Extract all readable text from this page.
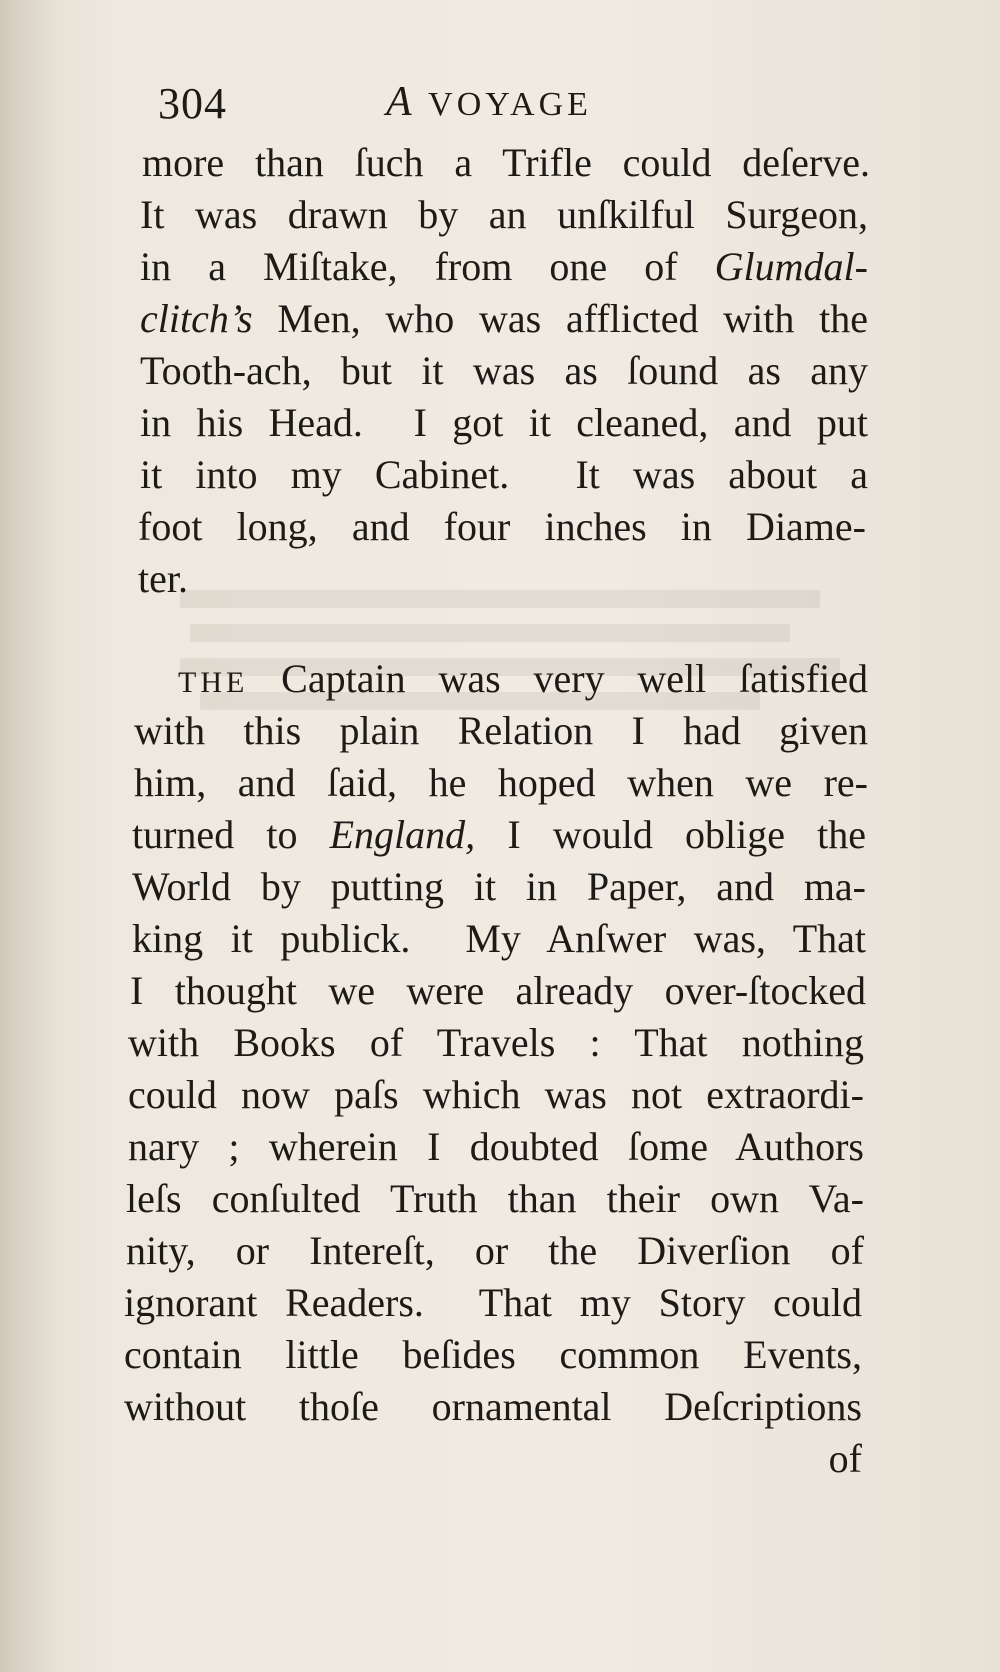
304	A VOYAGE
more than ſuch a Trifle could deſerve.
It was drawn by an unſkilful Surgeon,
in a Miſtake, from one of Glumdal-
clitch’s Men, who was afflicted with the
Tooth-ach, but it was as ſound as any
in his Head.  I got it cleaned, and put
it into my Cabinet.  It was about a
foot long, and four inches in Diame-
ter.
THE Captain was very well ſatisfied
with this plain Relation I had given
him, and ſaid, he hoped when we re-
turned to England, I would oblige the
World by putting it in Paper, and ma-
king it publick.  My Anſwer was, That
I thought we were already over-ſtocked
with Books of Travels : That nothing
could now paſs which was not extraordi-
nary ; wherein I doubted ſome Authors
leſs conſulted Truth than their own Va-
nity, or Intereſt, or the Diverſion of
ignorant Readers.  That my Story could
contain little beſides common Events,
without thoſe ornamental Deſcriptions
of
